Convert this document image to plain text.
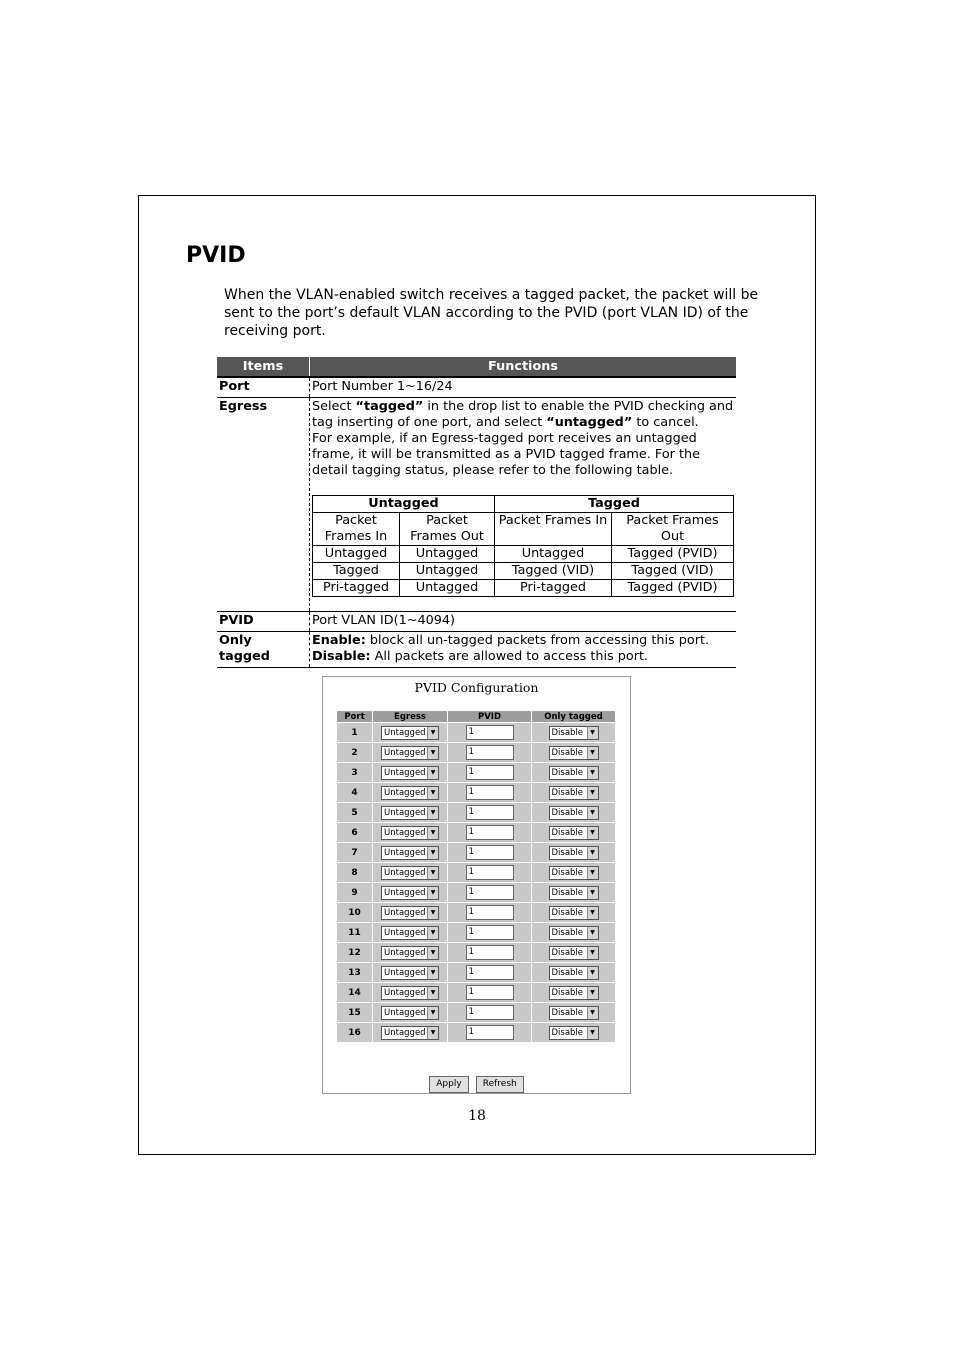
PVID

When the VLAN-enabled switch receives a tagged packet, the packet will be sent to the port’s default VLAN according to the PVID (port VLAN ID) of the receiving port.

Items	Functions
Port	Port Number 1~16/24
Egress	Select “tagged” in the drop list to enable the PVID checking and tag inserting of one port, and select “untagged” to cancel.
For example, if an Egress-tagged port receives an untagged frame, it will be transmitted as a PVID tagged frame. For the detail tagging status, please refer to the following table.
Untagged	Tagged
Packet Frames In	Packet Frames Out	Packet Frames In	Packet Frames Out
Untagged	Untagged	Untagged	Tagged (PVID)
Tagged	Untagged	Tagged (VID)	Tagged (VID)
Pri-tagged	Untagged	Pri-tagged	Tagged (PVID)

PVID	Port VLAN ID(1~4094)
Only tagged	
Enable: block all un-tagged packets from accessing this port.
Disable: All packets are allowed to access this port.
PVID Configuration
Port	Egress	PVID	Only tagged
1	Untagged ▼	1	Disable ▼

2	Untagged ▼	1	Disable ▼

3	Untagged ▼	1	Disable ▼

4	Untagged ▼	1	Disable ▼

5	Untagged ▼	1	Disable ▼

6	Untagged ▼	1	Disable ▼

7	Untagged ▼	1	Disable ▼

8	Untagged ▼	1	Disable ▼

9	Untagged ▼	1	Disable ▼

10	Untagged ▼	1	Disable ▼

11	Untagged ▼	1	Disable ▼

12	Untagged ▼	1	Disable ▼

13	Untagged ▼	1	Disable ▼

14	Untagged ▼	1	Disable ▼

15	Untagged ▼	1	Disable ▼

16	Untagged ▼	1	Disable ▼
Apply Refresh
18
